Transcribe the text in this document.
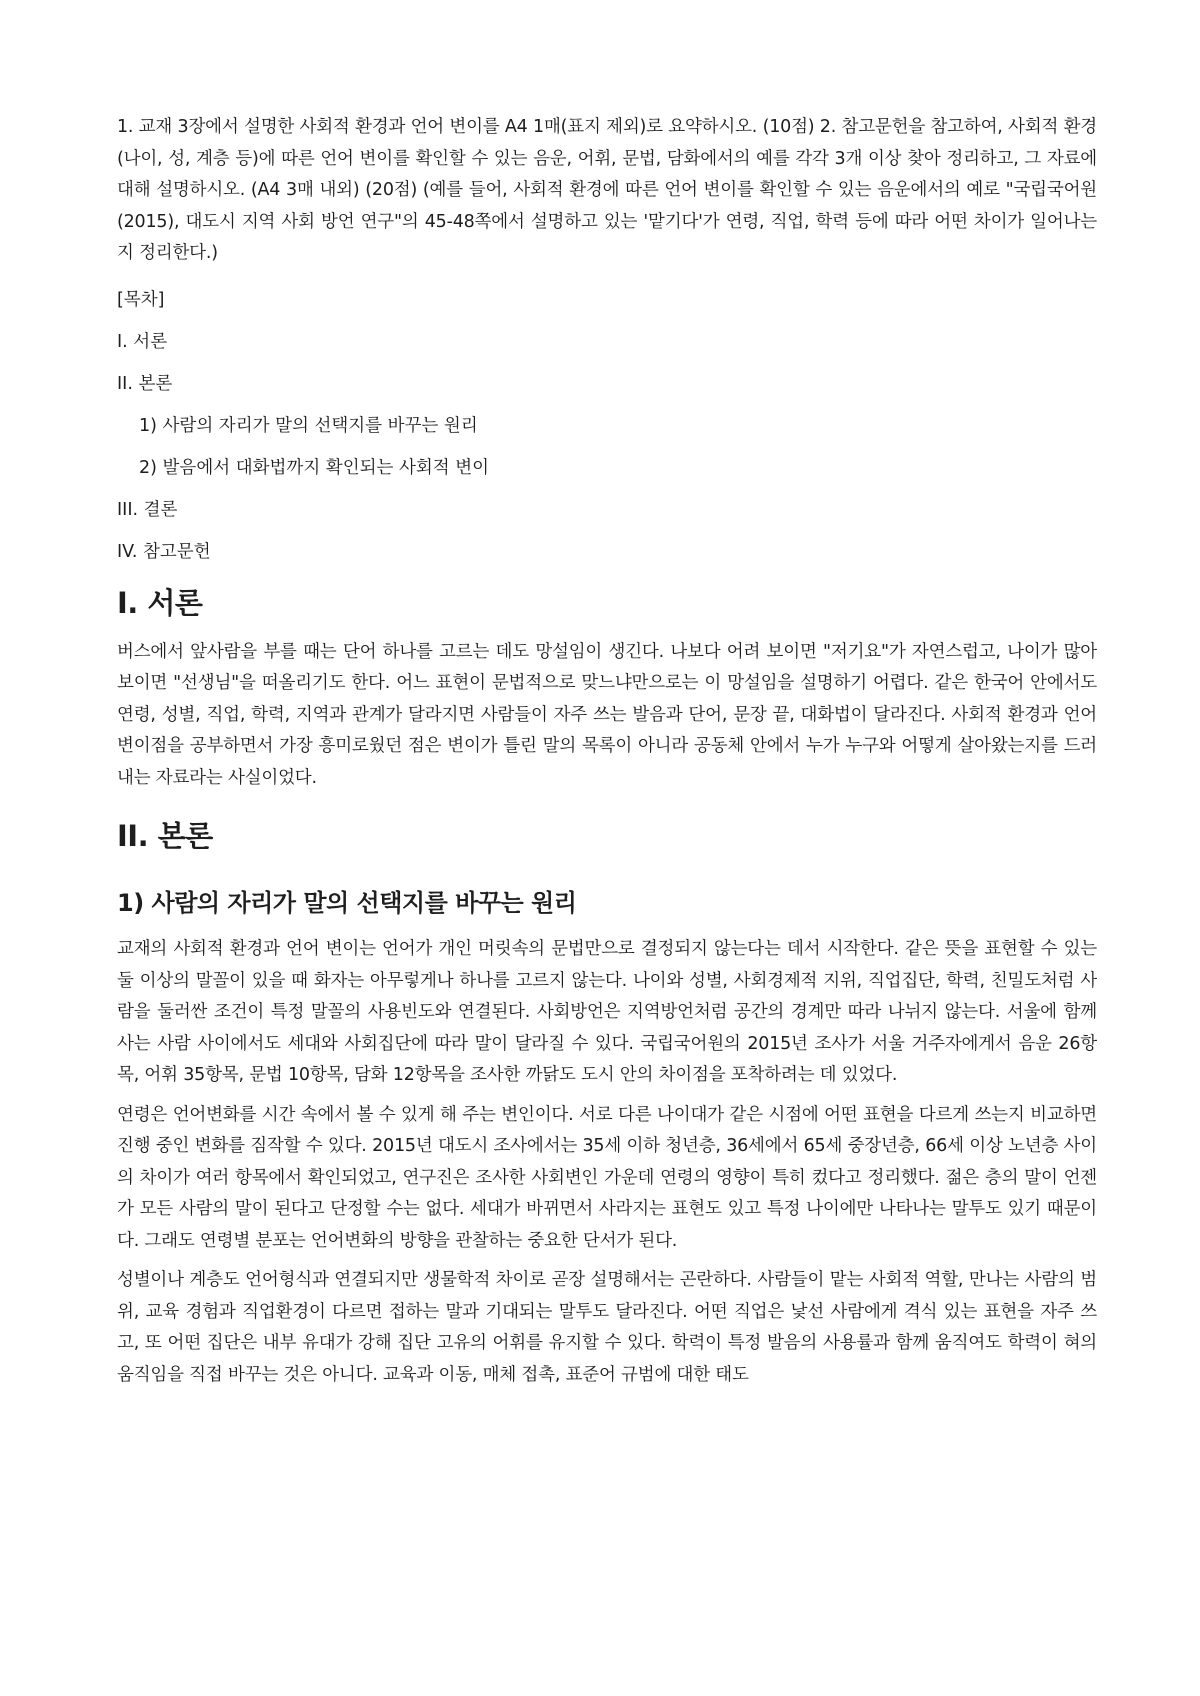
1. 교재 3장에서 설명한 사회적 환경과 언어 변이를 A4 1매(표지 제외)로 요약하시오. (10점) 2. 참고문헌을 참고하여, 사회적 환경(나이, 성, 계층 등)에 따른 언어 변이를 확인할 수 있는 음운, 어휘, 문법, 담화에서의 예를 각각 3개 이상 찾아 정리하고, 그 자료에 대해 설명하시오. (A4 3매 내외) (20점) (예를 들어, 사회적 환경에 따른 언어 변이를 확인할 수 있는 음운에서의 예로 "국립국어원(2015), 대도시 지역 사회 방언 연구"의 45-48쪽에서 설명하고 있는 '맡기다'가 연령, 직업, 학력 등에 따라 어떤 차이가 일어나는지 정리한다.)

[목차]
I. 서론
II. 본론
1) 사람의 자리가 말의 선택지를 바꾸는 원리
2) 발음에서 대화법까지 확인되는 사회적 변이
III. 결론
IV. 참고문헌
I. 서론

버스에서 앞사람을 부를 때는 단어 하나를 고르는 데도 망설임이 생긴다. 나보다 어려 보이면 "저기요"가 자연스럽고, 나이가 많아 보이면 "선생님"을 떠올리기도 한다. 어느 표현이 문법적으로 맞느냐만으로는 이 망설임을 설명하기 어렵다. 같은 한국어 안에서도 연령, 성별, 직업, 학력, 지역과 관계가 달라지면 사람들이 자주 쓰는 발음과 단어, 문장 끝, 대화법이 달라진다. 사회적 환경과 언어 변이점을 공부하면서 가장 흥미로웠던 점은 변이가 틀린 말의 목록이 아니라 공동체 안에서 누가 누구와 어떻게 살아왔는지를 드러내는 자료라는 사실이었다.

II. 본론
1) 사람의 자리가 말의 선택지를 바꾸는 원리

교재의 사회적 환경과 언어 변이는 언어가 개인 머릿속의 문법만으로 결정되지 않는다는 데서 시작한다. 같은 뜻을 표현할 수 있는 둘 이상의 말꼴이 있을 때 화자는 아무렇게나 하나를 고르지 않는다. 나이와 성별, 사회경제적 지위, 직업집단, 학력, 친밀도처럼 사람을 둘러싼 조건이 특정 말꼴의 사용빈도와 연결된다. 사회방언은 지역방언처럼 공간의 경계만 따라 나뉘지 않는다. 서울에 함께 사는 사람 사이에서도 세대와 사회집단에 따라 말이 달라질 수 있다. 국립국어원의 2015년 조사가 서울 거주자에게서 음운 26항목, 어휘 35항목, 문법 10항목, 담화 12항목을 조사한 까닭도 도시 안의 차이점을 포착하려는 데 있었다.

연령은 언어변화를 시간 속에서 볼 수 있게 해 주는 변인이다. 서로 다른 나이대가 같은 시점에 어떤 표현을 다르게 쓰는지 비교하면 진행 중인 변화를 짐작할 수 있다. 2015년 대도시 조사에서는 35세 이하 청년층, 36세에서 65세 중장년층, 66세 이상 노년층 사이의 차이가 여러 항목에서 확인되었고, 연구진은 조사한 사회변인 가운데 연령의 영향이 특히 컸다고 정리했다. 젊은 층의 말이 언젠가 모든 사람의 말이 된다고 단정할 수는 없다. 세대가 바뀌면서 사라지는 표현도 있고 특정 나이에만 나타나는 말투도 있기 때문이다. 그래도 연령별 분포는 언어변화의 방향을 관찰하는 중요한 단서가 된다.

성별이나 계층도 언어형식과 연결되지만 생물학적 차이로 곧장 설명해서는 곤란하다. 사람들이 맡는 사회적 역할, 만나는 사람의 범위, 교육 경험과 직업환경이 다르면 접하는 말과 기대되는 말투도 달라진다. 어떤 직업은 낯선 사람에게 격식 있는 표현을 자주 쓰고, 또 어떤 집단은 내부 유대가 강해 집단 고유의 어휘를 유지할 수 있다. 학력이 특정 발음의 사용률과 함께 움직여도 학력이 혀의 움직임을 직접 바꾸는 것은 아니다. 교육과 이동, 매체 접촉, 표준어 규범에 대한 태도
